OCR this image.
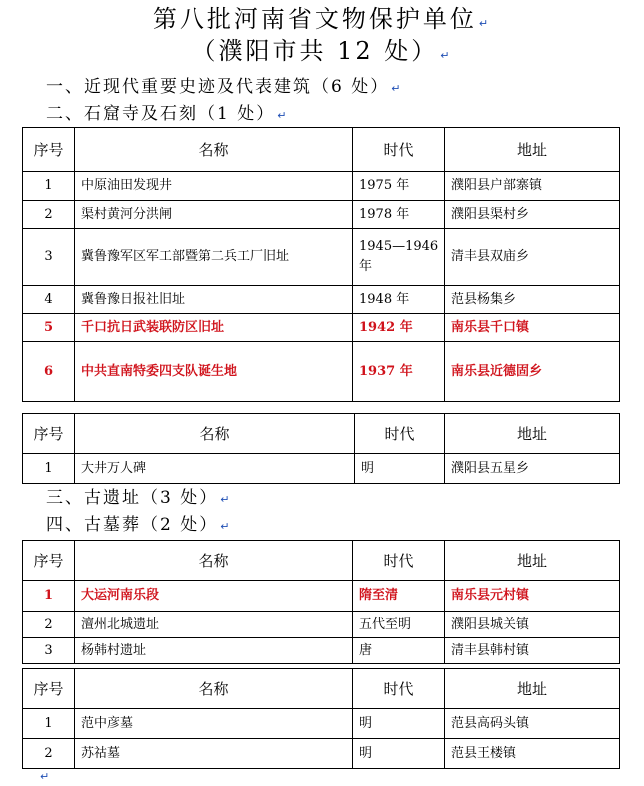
第八批河南省文物保护单位 ↵
（濮阳市共 12 处） ↵
一、近现代重要史迹及代表建筑（6 处） ↵
二、石窟寺及石刻（1 处） ↵
序号	名称	时代	地址
1	中原油田发现井	1975 年	濮阳县户部寨镇
2	渠村黄河分洪闸	1978 年	濮阳县渠村乡
3	冀鲁豫军区军工部暨第二兵工厂旧址	1945—1946 年	清丰县双庙乡
4	冀鲁豫日报社旧址	1948 年	范县杨集乡
5	千口抗日武装联防区旧址	1942 年	南乐县千口镇
6	中共直南特委四支队诞生地	1937 年	南乐县近德固乡
序号	名称	时代	地址
1	大井万人碑	明	濮阳县五星乡
三、古遗址（3 处） ↵
四、古墓葬（2 处） ↵
序号	名称	时代	地址
1	大运河南乐段	隋至清	南乐县元村镇
2	澶州北城遗址	五代至明	濮阳县城关镇
3	杨韩村遗址	唐	清丰县韩村镇
序号	名称	时代	地址
1	范中彦墓	明	范县高码头镇
2	苏祜墓	明	范县王楼镇
↵
